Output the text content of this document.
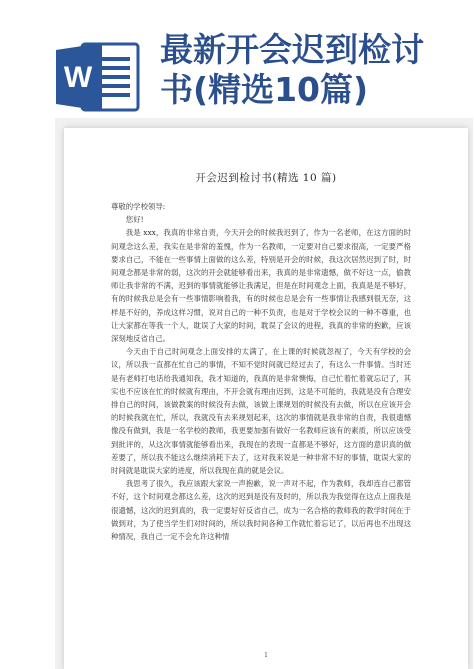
W
最新开会迟到检讨
书(精选10篇)
开会迟到检讨书(精选 10 篇)

尊敬的学校领导:

您好!

我是 xxx，我真的非常自责，今天开会的时候我迟到了，作为一名老师，在这方面的时间观念这么差，我实在是非常的羞愧，作为一名教师，一定要对自己要求很高，一定要严格要求自己，不能在一些事情上面做的这么差，特别是开会的时候，我这次居然迟到了时，时间观念都是非常的弱，这次的开会就能够看出来，我真的是非常遗憾，做不好这一点，偷教师让我非常的不满，迟到的事情就能够让我满足，但是在时间观念上面，我真是是不够好，有的时候我总是会有一些事情影响着我，有的时候也总是会有一些事情让我感到很无奈，这样是不好的，养成这样习惯，说对自己的一种不负责，也是对于学校会议的一种不尊重，也让大家都在等我一个人，耽误了大家的时间，耽误了会议的进程，我真的非常的抱歉，应该深刻地反省自己。

今天由于自己时间观念上面安排的太满了，在上课的时候就忽视了，今天有学校的会议，所以我一直都在忙自己的事情，不知不觉时间就已经过去了，有这么一件事情。当时还是有老师打电话给我通知我，我才知道的，我真的是非常懊悔，自己忙着忙着就忘记了，其实也不应该在忙的时候就有理由，不开会就有理由迟到，这是不可能的，我就是没有合理安排自己的时间，该做教案的时候没有去做，该做上课规划的时候没有去做，所以在应该开会的时候我就在忙，所以，我就没有去来规划起来，这次的事情就是我非常的自责，我很遗憾像没有做到，我是一名学校的教师，我更要加强有做好一名教师应该有的素质，所以应该受到批评的，从这次事情就能够看出来，我现在的表现一直都是不够好，这方面的意识真的做差要了，所以我不能这么继续消耗下去了，这对我来说是一种非常不好的事情，耽误大家的时间就是耽误大家的进度，所以我现在真的就是会议。

我思考了很久，我应该跟大家说一声抱歉，说一声对不起，作为教师，我却连自己都管不好，这个时间观念都这么差，这次的迟到是没有及时的，所以我为我觉得在这点上面我是很遗憾，这次的迟到真的，我一定要好好反省自己，成为一名合格的教师我的教学时间在于做到对，为了使当学生们对时间的，所以我时间各种工作就忙着忘记了，以后再也不出现这种情况，我自己一定不会允许这种情

1
